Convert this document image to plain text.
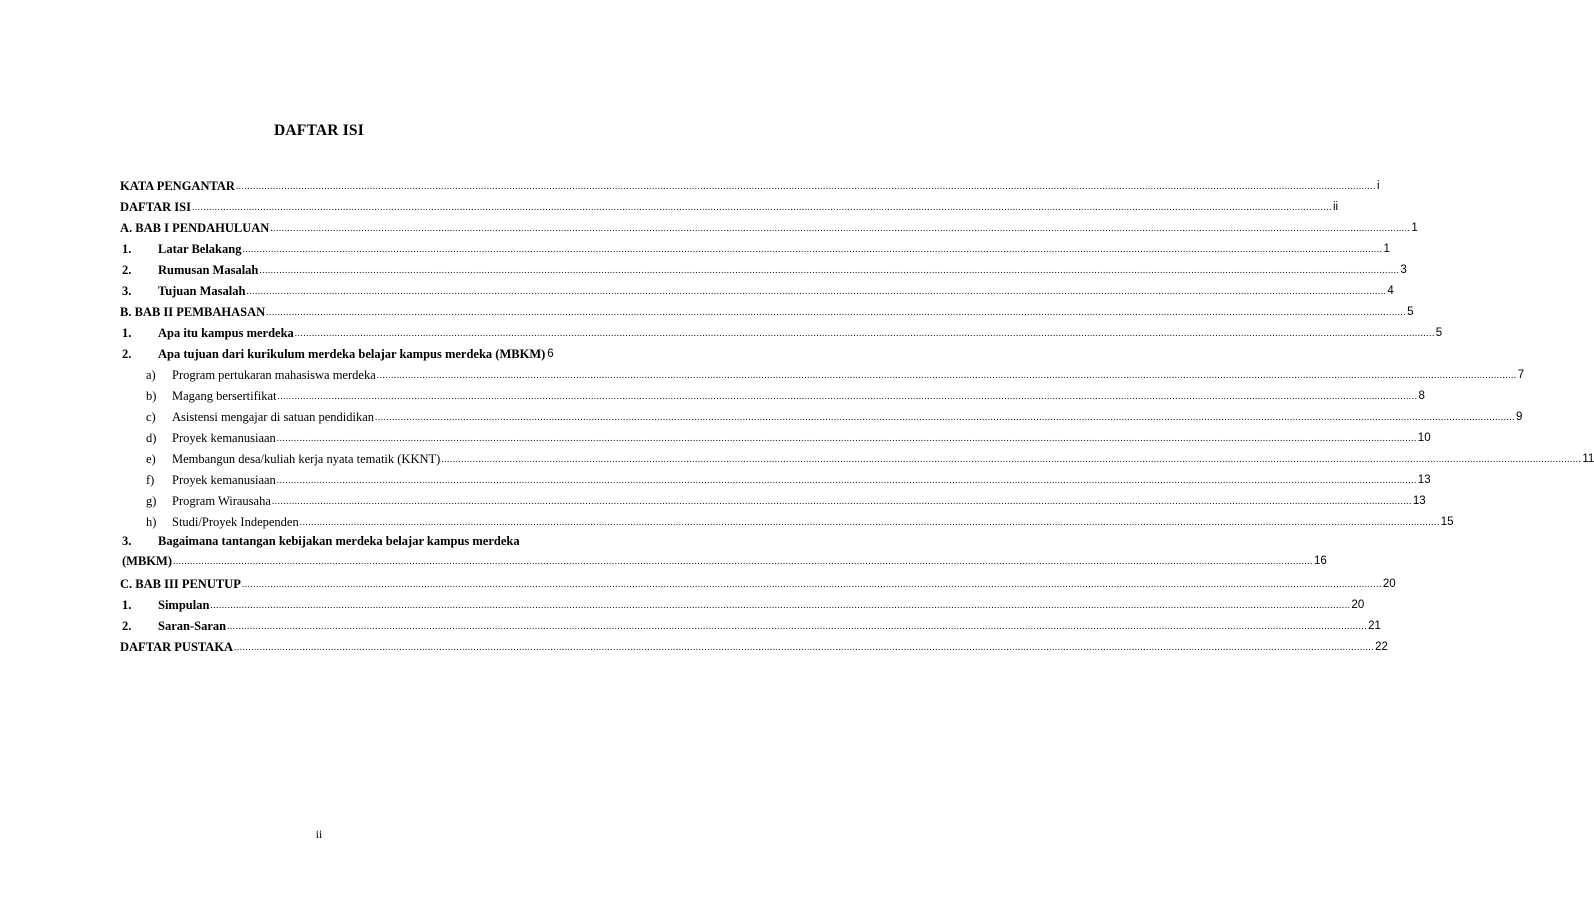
DAFTAR ISI
KATA PENGANTAR ................................................................................................................................................................................................................................................................................................................................................................................................................ i
DAFTAR ISI ................................................................................................................................................................................................................................................................................................................................................................................................................ ii
A. BAB I PENDAHULUAN ................................................................................................................................................................................................................................................................................................................................................................................................................ 1
1.	Latar Belakang ................................................................................................................................................................................................................................................................................................................................................................................................................ 1
2.	Rumusan Masalah ................................................................................................................................................................................................................................................................................................................................................................................................................ 3
3.	Tujuan Masalah ................................................................................................................................................................................................................................................................................................................................................................................................................ 4
B. BAB II PEMBAHASAN ................................................................................................................................................................................................................................................................................................................................................................................................................ 5
1.	Apa itu kampus merdeka ................................................................................................................................................................................................................................................................................................................................................................................................................ 5
2.	Apa tujuan dari kurikulum merdeka belajar kampus merdeka (MBKM) 6
a)	Program pertukaran mahasiswa merdeka ................................................................................................................................................................................................................................................................................................................................................................................................................ 7
b)	Magang bersertifikat ................................................................................................................................................................................................................................................................................................................................................................................................................ 8
c)	Asistensi mengajar di satuan pendidikan ................................................................................................................................................................................................................................................................................................................................................................................................................ 9
d)	Proyek kemanusiaan ................................................................................................................................................................................................................................................................................................................................................................................................................ 10
e)	Membangun desa/kuliah kerja nyata tematik (KKNT) ................................................................................................................................................................................................................................................................................................................................................................................................................ 11
f)	Proyek kemanusiaan ................................................................................................................................................................................................................................................................................................................................................................................................................ 13
g)	Program Wirausaha ................................................................................................................................................................................................................................................................................................................................................................................................................ 13
h)	Studi/Proyek Independen ................................................................................................................................................................................................................................................................................................................................................................................................................ 15
3.	Bagaimana tantangan kebijakan merdeka belajar kampus merdeka
(MBKM) ................................................................................................................................................................................................................................................................................................................................................................................................................ 16
C. BAB III PENUTUP ................................................................................................................................................................................................................................................................................................................................................................................................................ 20
1.	Simpulan ................................................................................................................................................................................................................................................................................................................................................................................................................ 20
2.	Saran-Saran ................................................................................................................................................................................................................................................................................................................................................................................................................ 21
DAFTAR PUSTAKA ................................................................................................................................................................................................................................................................................................................................................................................................................ 22
ii
